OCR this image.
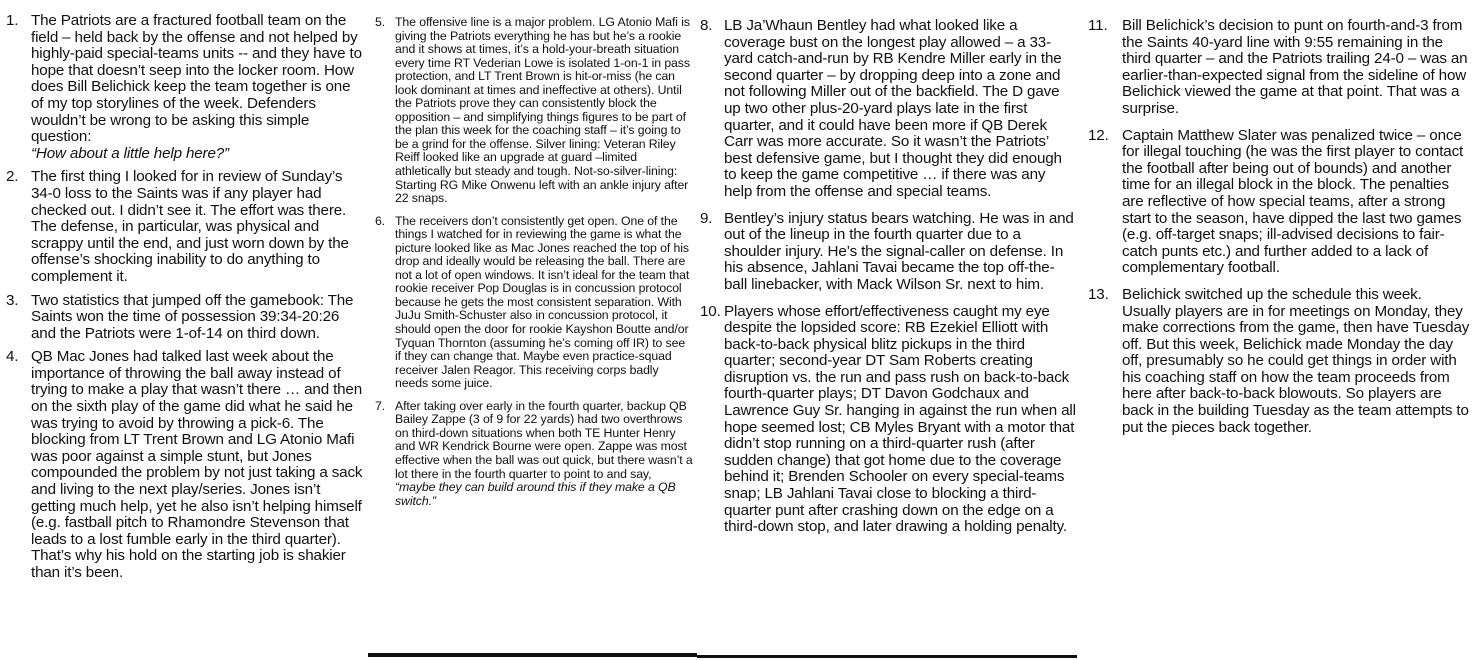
1. The Patriots are a fractured football team on the field – held back by the offense and not helped by highly-paid special-teams units -- and they have to hope that doesn’t seep into the locker room. How does Bill Belichick keep the team together is one of my top storylines of the week. Defenders wouldn’t be wrong to be asking this simple question:
“How about a little help here?”
2. The first thing I looked for in review of Sunday’s 34-0 loss to the Saints was if any player had checked out. I didn’t see it. The effort was there. The defense, in particular, was physical and scrappy until the end, and just worn down by the offense’s shocking inability to do anything to complement it.
3. Two statistics that jumped off the gamebook: The Saints won the time of possession 39:34-20:26 and the Patriots were 1-of-14 on third down.
4. QB Mac Jones had talked last week about the importance of throwing the ball away instead of trying to make a play that wasn’t there … and then on the sixth play of the game did what he said he was trying to avoid by throwing a pick-6. The blocking from LT Trent Brown and LG Atonio Mafi was poor against a simple stunt, but Jones compounded the problem by not just taking a sack and living to the next play/series. Jones isn’t getting much help, yet he also isn’t helping himself (e.g. fastball pitch to Rhamondre Stevenson that leads to a lost fumble early in the third quarter). That’s why his hold on the starting job is shakier than it’s been.
5. The offensive line is a major problem. LG Atonio Mafi is giving the Patriots everything he has but he’s a rookie and it shows at times, it’s a hold-your-breath situation every time RT Vederian Lowe is isolated 1-on-1 in pass protection, and LT Trent Brown is hit-or-miss (he can look dominant at times and ineffective at others). Until the Patriots prove they can consistently block the opposition – and simplifying things figures to be part of the plan this week for the coaching staff – it’s going to be a grind for the offense. Silver lining: Veteran Riley Reiff looked like an upgrade at guard –limited athletically but steady and tough. Not-so-silver-lining: Starting RG Mike Onwenu left with an ankle injury after 22 snaps.
6. The receivers don’t consistently get open. One of the things I watched for in reviewing the game is what the picture looked like as Mac Jones reached the top of his drop and ideally would be releasing the ball. There are not a lot of open windows. It isn’t ideal for the team that rookie receiver Pop Douglas is in concussion protocol because he gets the most consistent separation. With JuJu Smith-Schuster also in concussion protocol, it should open the door for rookie Kayshon Boutte and/or Tyquan Thornton (assuming he’s coming off IR) to see if they can change that. Maybe even practice-squad receiver Jalen Reagor. This receiving corps badly needs some juice.
7. After taking over early in the fourth quarter, backup QB Bailey Zappe (3 of 9 for 22 yards) had two overthrows on third-down situations when both TE Hunter Henry and WR Kendrick Bourne were open. Zappe was most effective when the ball was out quick, but there wasn’t a lot there in the fourth quarter to point to and say, “maybe they can build around this if they make a QB switch.”
8. LB Ja’Whaun Bentley had what looked like a coverage bust on the longest play allowed – a 33-yard catch-and-run by RB Kendre Miller early in the second quarter – by dropping deep into a zone and not following Miller out of the backfield. The D gave up two other plus-20-yard plays late in the first quarter, and it could have been more if QB Derek Carr was more accurate. So it wasn’t the Patriots’ best defensive game, but I thought they did enough to keep the game competitive … if there was any help from the offense and special teams.
9. Bentley’s injury status bears watching. He was in and out of the lineup in the fourth quarter due to a shoulder injury. He’s the signal-caller on defense. In his absence, Jahlani Tavai became the top off-the-ball linebacker, with Mack Wilson Sr. next to him.
10. Players whose effort/effectiveness caught my eye despite the lopsided score: RB Ezekiel Elliott with back-to-back physical blitz pickups in the third quarter; second-year DT Sam Roberts creating disruption vs. the run and pass rush on back-to-back fourth-quarter plays; DT Davon Godchaux and Lawrence Guy Sr. hanging in against the run when all hope seemed lost; CB Myles Bryant with a motor that didn’t stop running on a third-quarter rush (after sudden change) that got home due to the coverage behind it; Brenden Schooler on every special-teams snap; LB Jahlani Tavai close to blocking a third-quarter punt after crashing down on the edge on a third-down stop, and later drawing a holding penalty.
11. Bill Belichick’s decision to punt on fourth-and-3 from the Saints 40-yard line with 9:55 remaining in the third quarter – and the Patriots trailing 24-0 – was an earlier-than-expected signal from the sideline of how Belichick viewed the game at that point. That was a surprise.
12. Captain Matthew Slater was penalized twice – once for illegal touching (he was the first player to contact the football after being out of bounds) and another time for an illegal block in the block. The penalties are reflective of how special teams, after a strong start to the season, have dipped the last two games (e.g. off-target snaps; ill-advised decisions to fair-catch punts etc.) and further added to a lack of complementary football.
13. Belichick switched up the schedule this week. Usually players are in for meetings on Monday, they make corrections from the game, then have Tuesday off. But this week, Belichick made Monday the day off, presumably so he could get things in order with his coaching staff on how the team proceeds from here after back-to-back blowouts. So players are back in the building Tuesday as the team attempts to put the pieces back together.
